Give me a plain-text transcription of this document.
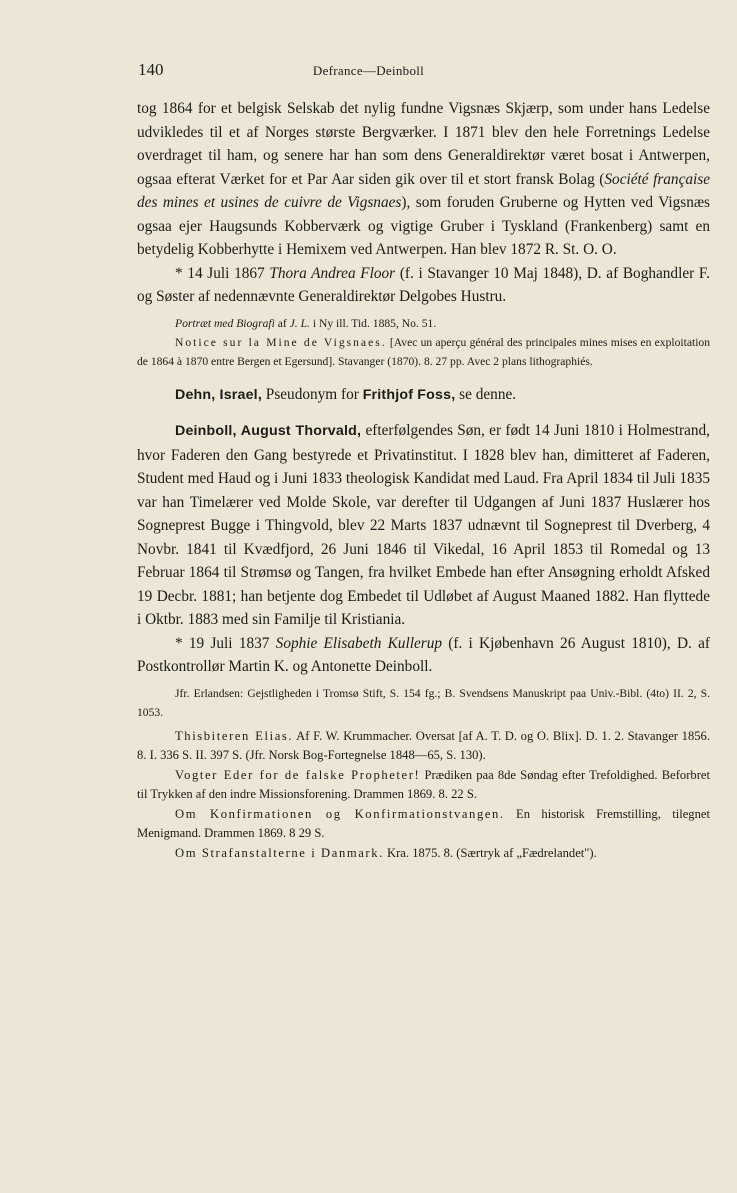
140	Defrance—Deinboll

tog 1864 for et belgisk Selskab det nylig fundne Vigsnæs Skjærp, som under hans Ledelse udvikledes til et af Norges største Bergværker. I 1871 blev den hele Forretnings Ledelse overdraget til ham, og senere har han som dens Generaldirektør været bosat i Antwerpen, ogsaa efterat Værket for et Par Aar siden gik over til et stort fransk Bolag (Société française des mines et usines de cuivre de Vigsnaes), som foruden Gruberne og Hytten ved Vigsnæs ogsaa ejer Haugsunds Kobberværk og vigtige Gruber i Tyskland (Frankenberg) samt en betydelig Kobberhytte i Hemixem ved Antwerpen. Han blev 1872 R. St. O. O.

* 14 Juli 1867 Thora Andrea Floor (f. i Stavanger 10 Maj 1848), D. af Boghandler F. og Søster af nedennævnte Generaldirektør Delgobes Hustru.

Portræt med Biografi af J. L. i Ny ill. Tid. 1885, No. 51.

Notice sur la Mine de Vigsnaes. [Avec un aperçu général des principales mines mises en exploitation de 1864 à 1870 entre Bergen et Egersund]. Stavanger (1870). 8. 27 pp. Avec 2 plans lithographiés.

Dehn, Israel, Pseudonym for Frithjof Foss, se denne.

Deinboll, August Thorvald, efterfølgendes Søn, er født 14 Juni 1810 i Holmestrand, hvor Faderen den Gang bestyrede et Privatinstitut. I 1828 blev han, dimitteret af Faderen, Student med Haud og i Juni 1833 theologisk Kandidat med Laud. Fra April 1834 til Juli 1835 var han Timelærer ved Molde Skole, var derefter til Udgangen af Juni 1837 Huslærer hos Sogneprest Bugge i Thingvold, blev 22 Marts 1837 udnævnt til Sogneprest til Dverberg, 4 Novbr. 1841 til Kvædfjord, 26 Juni 1846 til Vikedal, 16 April 1853 til Romedal og 13 Februar 1864 til Strømsø og Tangen, fra hvilket Embede han efter Ansøgning erholdt Afsked 19 Decbr. 1881; han betjente dog Embedet til Udløbet af August Maaned 1882. Han flyttede i Oktbr. 1883 med sin Familje til Kristiania.

* 19 Juli 1837 Sophie Elisabeth Kullerup (f. i Kjøbenhavn 26 August 1810), D. af Postkontrollør Martin K. og Antonette Deinboll.

Jfr. Erlandsen: Gejstligheden i Tromsø Stift, S. 154 fg.; B. Svendsens Manuskript paa Univ.-Bibl. (4to) II. 2, S. 1053.

Thisbiteren Elias. Af F. W. Krummacher. Oversat [af A. T. D. og O. Blix]. D. 1. 2. Stavanger 1856. 8. I. 336 S. II. 397 S. (Jfr. Norsk Bog-Fortegnelse 1848—65, S. 130).

Vogter Eder for de falske Propheter! Prædiken paa 8de Søndag efter Trefoldighed. Beforbret til Trykken af den indre Missionsforening. Drammen 1869. 8. 22 S.

Om Konfirmationen og Konfirmationstvangen. En historisk Fremstilling, tilegnet Menigmand. Drammen 1869. 8 29 S.

Om Strafanstalterne i Danmark. Kra. 1875. 8. (Særtryk af „Fædrelandet").
